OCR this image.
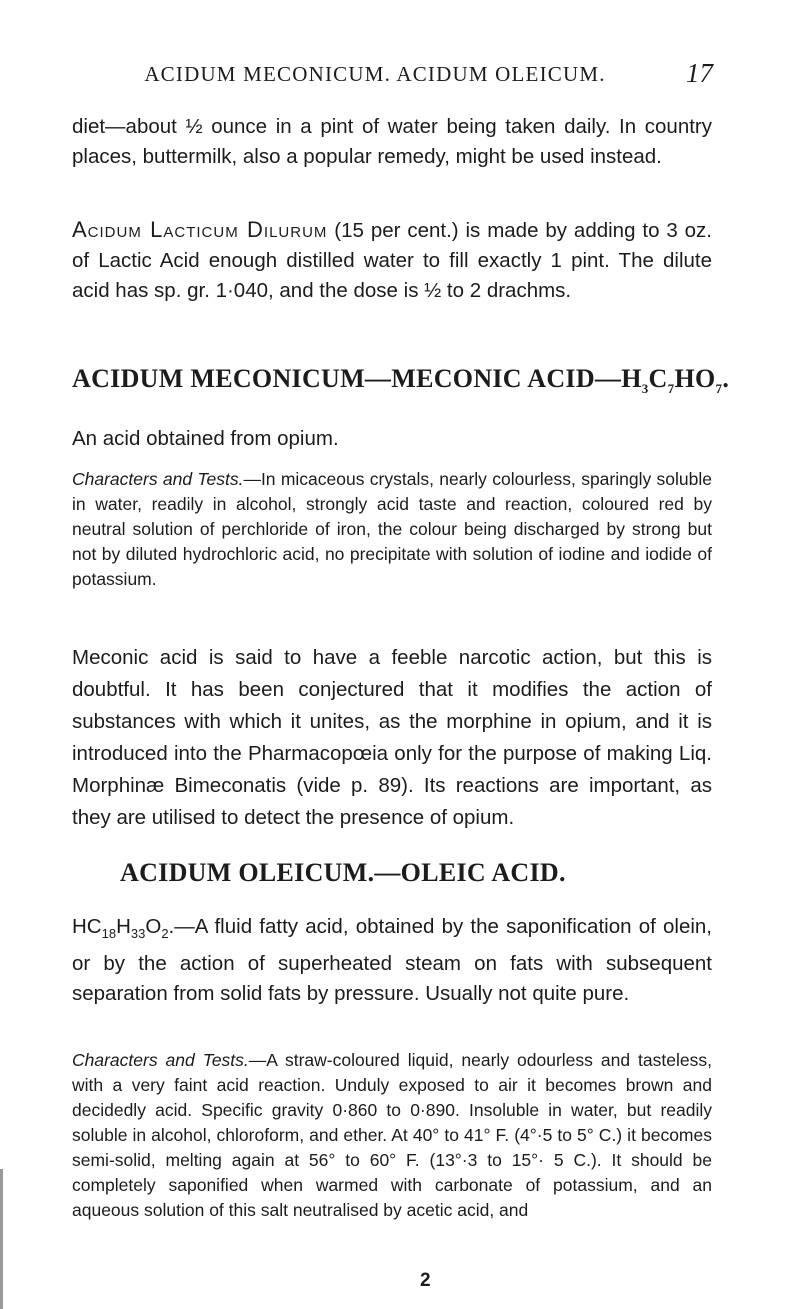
ACIDUM MECONICUM. ACIDUM OLEICUM.	17

diet—about ½ ounce in a pint of water being taken daily. In country places, buttermilk, also a popular remedy, might be used instead.

Acidum Lacticum Dilurum (15 per cent.) is made by adding to 3 oz. of Lactic Acid enough distilled water to fill exactly 1 pint. The dilute acid has sp. gr. 1·040, and the dose is ½ to 2 drachms.

ACIDUM MECONICUM—MECONIC $ACID—H_3C_7HO_7$.

An acid obtained from opium.

Characters and Tests.—In micaceous crystals, nearly colourless, sparingly soluble in water, readily in alcohol, strongly acid taste and reaction, coloured red by neutral solution of perchloride of iron, the colour being discharged by strong but not by diluted hydrochloric acid, no precipitate with solution of iodine and iodide of potassium.

Meconic acid is said to have a feeble narcotic action, but this is doubtful. It has been conjectured that it modifies the action of substances with which it unites, as the morphine in opium, and it is introduced into the Pharmacopœia only for the purpose of making Liq. Morphinæ Bimeconatis (vide p. 89). Its reactions are important, as they are utilised to detect the presence of opium.

ACIDUM OLEICUM.—OLEIC ACID.

$HC_{18}H_{33}O_2.—A$ fluid fatty acid, obtained by the saponification of olein, or by the action of superheated steam on fats with subsequent separation from solid fats by pressure. Usually not quite pure.

Characters and Tests.—A straw-coloured liquid, nearly odourless and tasteless, with a very faint acid reaction. Unduly exposed to air it becomes brown and decidedly acid. Specific gravity 0·860 to 0·890. Insoluble in water, but readily soluble in alcohol, chloroform, and ether. At 40° to 41° F. (4°·5 to 5° C.) it becomes semi-solid, melting again at 56° to 60° F. (13°·3 to 15°· 5 C.). It should be completely saponified when warmed with carbonate of potassium, and an aqueous solution of this salt neutralised by acetic acid, and

2
